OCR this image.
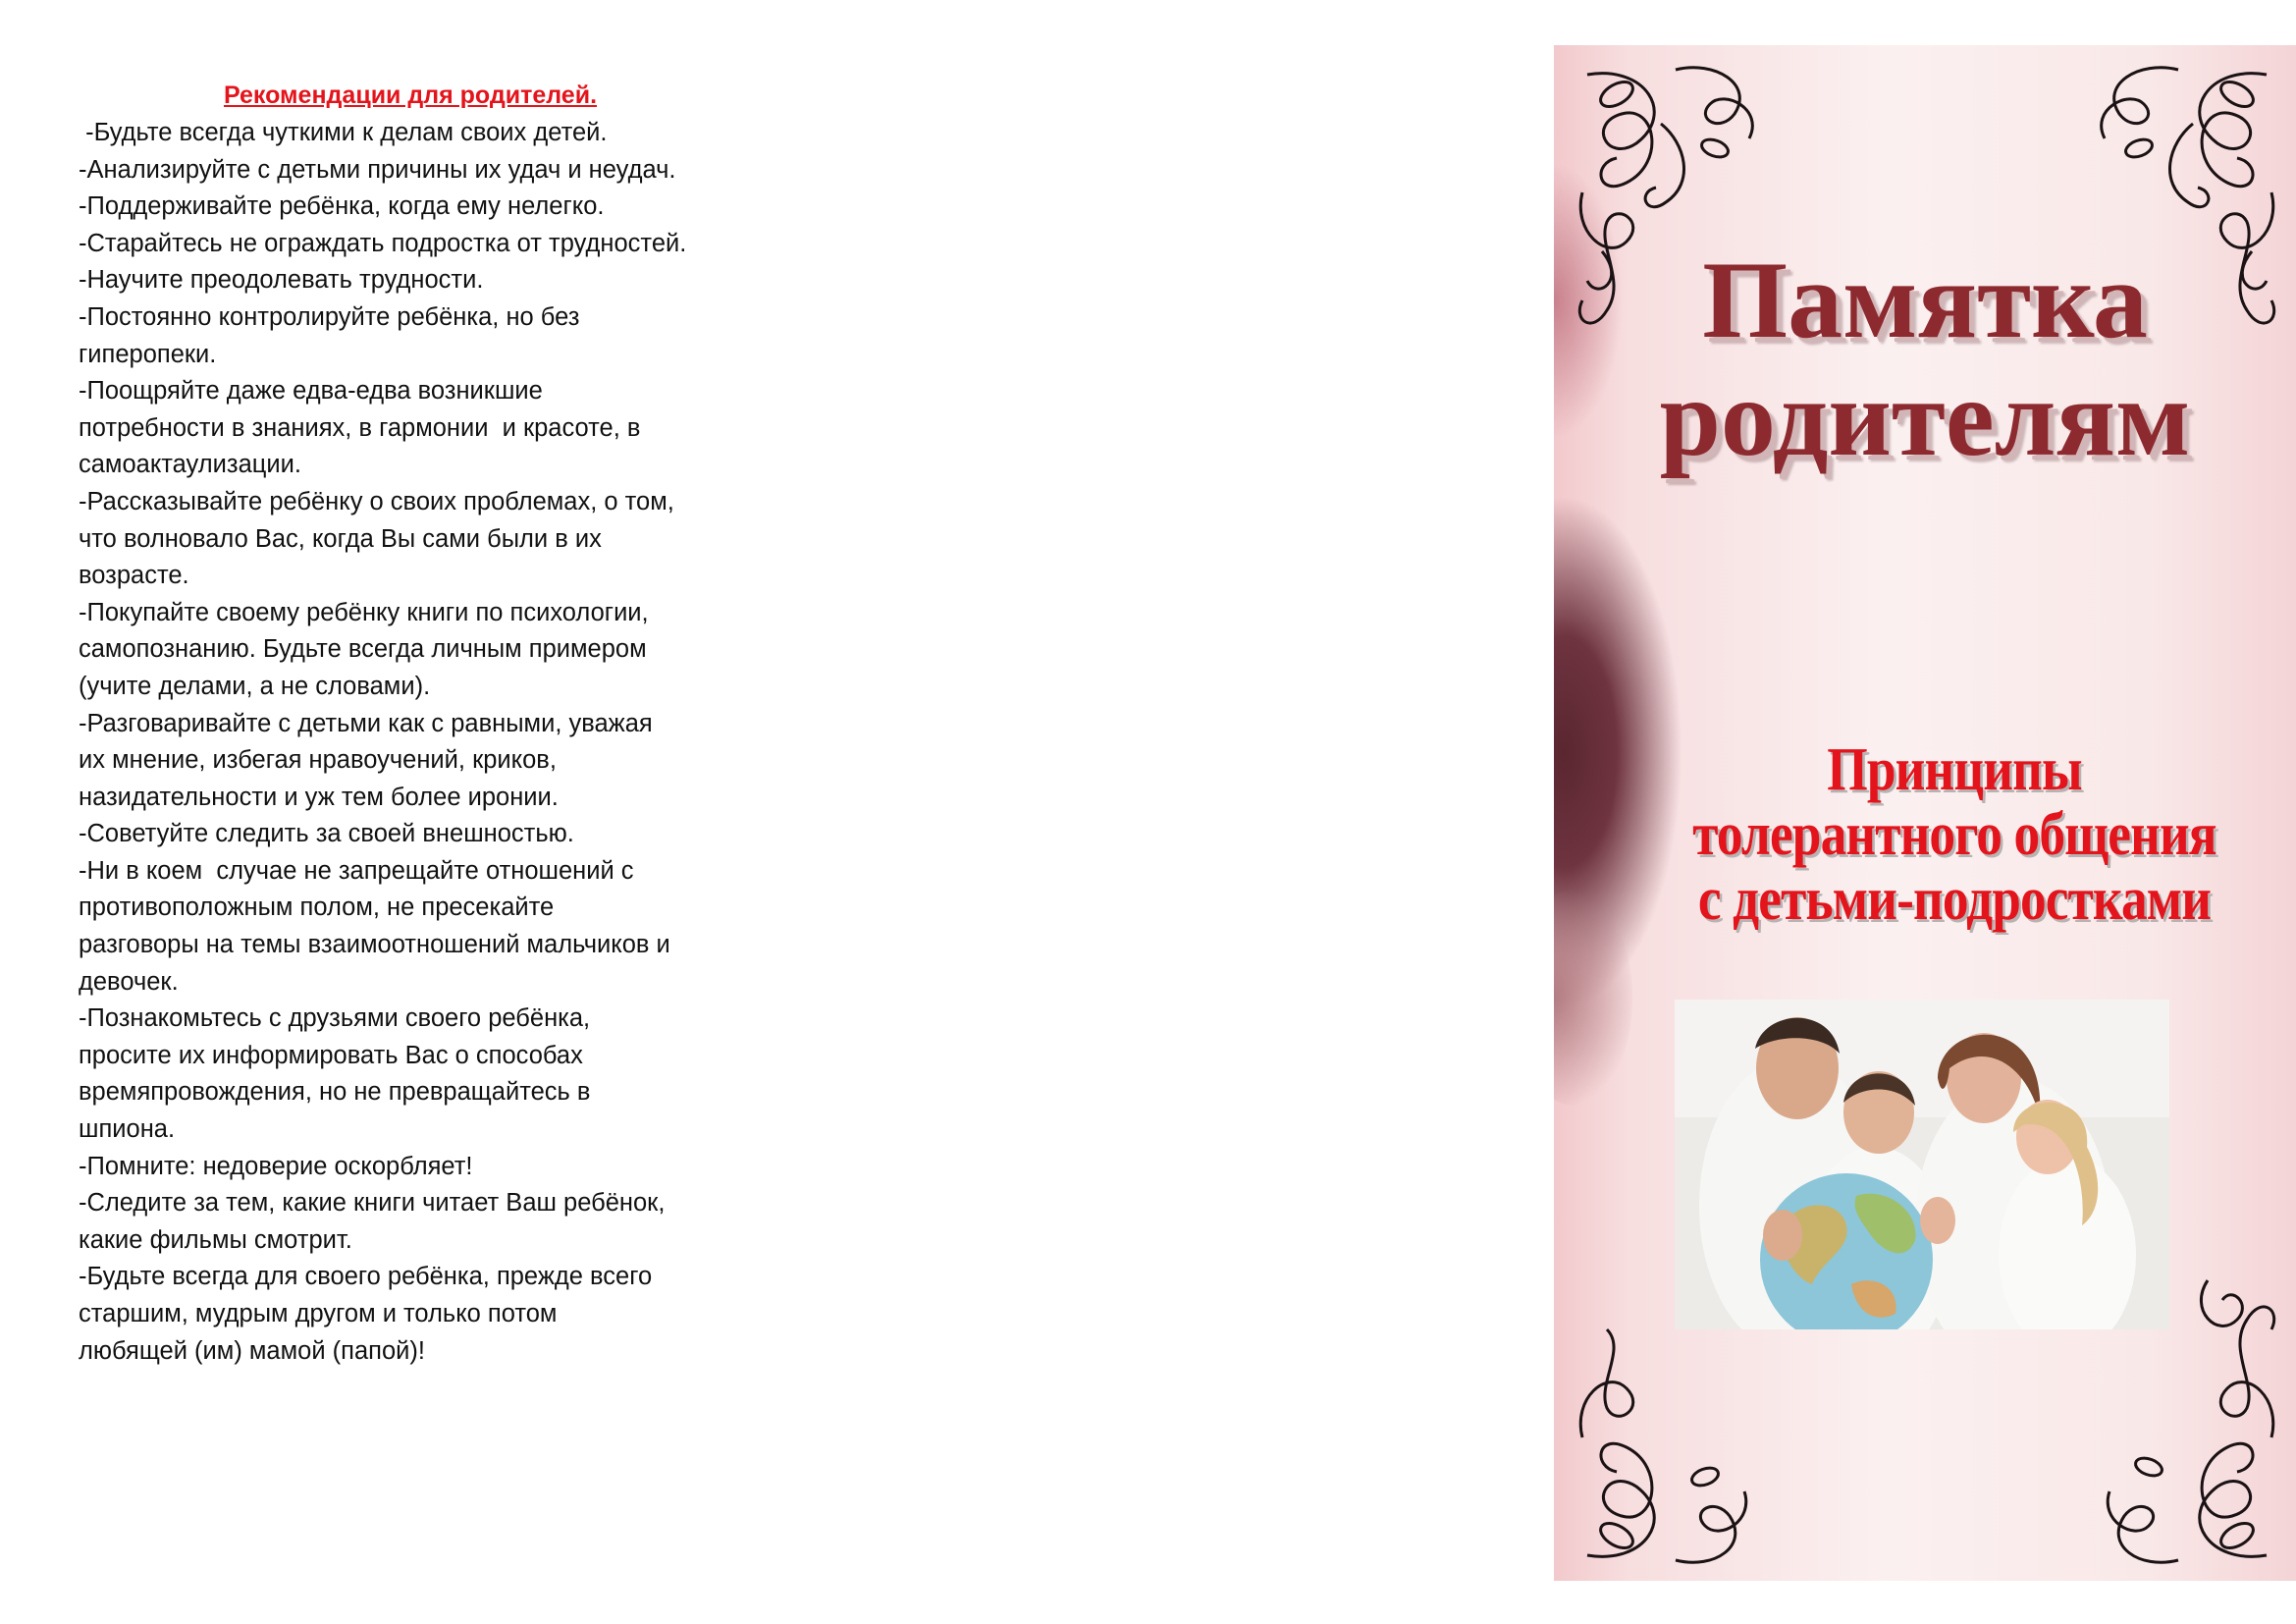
Рекомендации для родителей.
-Будьте всегда чуткими к делам своих детей.
-Анализируйте с детьми причины их удач и неудач.
-Поддерживайте ребёнка, когда ему нелегко.
-Старайтесь не ограждать подростка от трудностей.
-Научите преодолевать трудности.
-Постоянно контролируйте ребёнка, но без
гиперопеки.
-Поощряйте даже едва-едва возникшие
потребности в знаниях, в гармонии  и красоте, в
самоактаулизации.
-Рассказывайте ребёнку о своих проблемах, о том,
что волновало Вас, когда Вы сами были в их
возрасте.
-Покупайте своему ребёнку книги по психологии,
самопознанию. Будьте всегда личным примером
(учите делами, а не словами).
-Разговаривайте с детьми как с равными, уважая
их мнение, избегая нравоучений, криков,
назидательности и уж тем более иронии.
-Советуйте следить за своей внешностью.
-Ни в коем  случае не запрещайте отношений с
противоположным полом, не пресекайте
разговоры на темы взаимоотношений мальчиков и
девочек.
-Познакомьтесь с друзьями своего ребёнка,
просите их информировать Вас о способах
времяпровождения, но не превращайтесь в
шпиона.
-Помните: недоверие оскорбляет!
-Следите за тем, какие книги читает Ваш ребёнок,
какие фильмы смотрит.
-Будьте всегда для своего ребёнка, прежде всего
старшим, мудрым другом и только потом
любящей (им) мамой (папой)!
Памятка
родителям
Принципы
толерантного общения
с детьми-подростками
